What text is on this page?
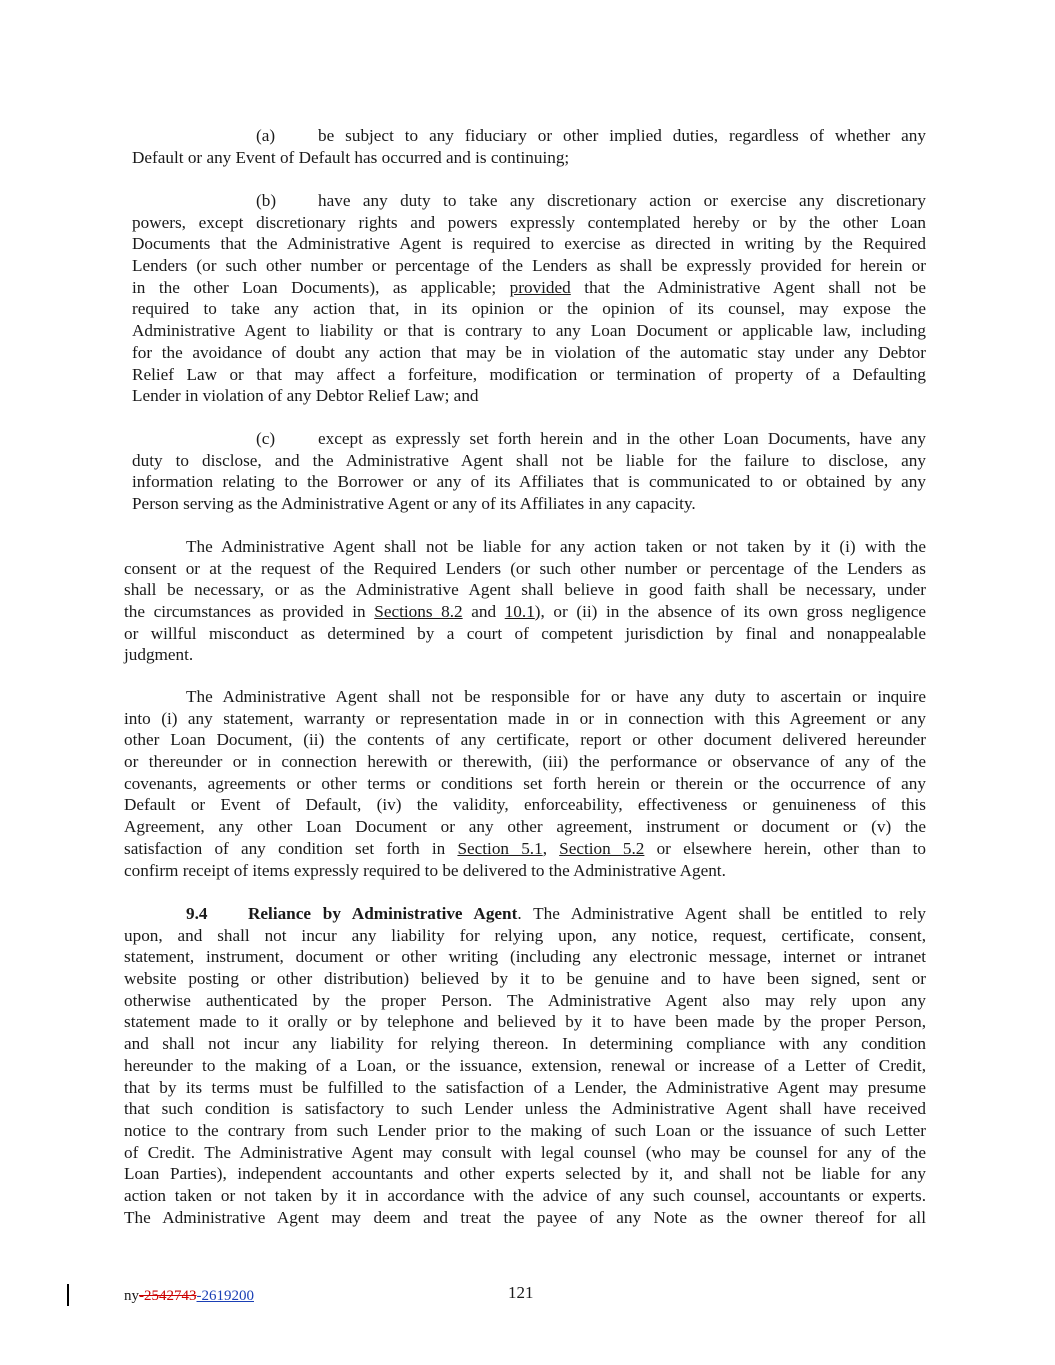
(a) be subject to any fiduciary or other implied duties, regardless of whether any
Default or any Event of Default has occurred and is continuing;
(b) have any duty to take any discretionary action or exercise any discretionary
powers, except discretionary rights and powers expressly contemplated hereby or by the other Loan
Documents that the Administrative Agent is required to exercise as directed in writing by the Required
Lenders (or such other number or percentage of the Lenders as shall be expressly provided for herein or
in the other Loan Documents), as applicable; provided that the Administrative Agent shall not be
required to take any action that, in its opinion or the opinion of its counsel, may expose the
Administrative Agent to liability or that is contrary to any Loan Document or applicable law, including
for the avoidance of doubt any action that may be in violation of the automatic stay under any Debtor
Relief Law or that may affect a forfeiture, modification or termination of property of a Defaulting
Lender in violation of any Debtor Relief Law; and
(c) except as expressly set forth herein and in the other Loan Documents, have any
duty to disclose, and the Administrative Agent shall not be liable for the failure to disclose, any
information relating to the Borrower or any of its Affiliates that is communicated to or obtained by any
Person serving as the Administrative Agent or any of its Affiliates in any capacity.
The Administrative Agent shall not be liable for any action taken or not taken by it (i) with the
consent or at the request of the Required Lenders (or such other number or percentage of the Lenders as
shall be necessary, or as the Administrative Agent shall believe in good faith shall be necessary, under
the circumstances as provided in Sections 8.2 and 10.1), or (ii) in the absence of its own gross negligence
or willful misconduct as determined by a court of competent jurisdiction by final and nonappealable
judgment.
The Administrative Agent shall not be responsible for or have any duty to ascertain or inquire
into (i) any statement, warranty or representation made in or in connection with this Agreement or any
other Loan Document, (ii) the contents of any certificate, report or other document delivered hereunder
or thereunder or in connection herewith or therewith, (iii) the performance or observance of any of the
covenants, agreements or other terms or conditions set forth herein or therein or the occurrence of any
Default or Event of Default, (iv) the validity, enforceability, effectiveness or genuineness of this
Agreement, any other Loan Document or any other agreement, instrument or document or (v) the
satisfaction of any condition set forth in Section 5.1, Section 5.2 or elsewhere herein, other than to
confirm receipt of items expressly required to be delivered to the Administrative Agent.
9.4 Reliance by Administrative Agent. The Administrative Agent shall be entitled to rely
upon, and shall not incur any liability for relying upon, any notice, request, certificate, consent,
statement, instrument, document or other writing (including any electronic message, internet or intranet
website posting or other distribution) believed by it to be genuine and to have been signed, sent or
otherwise authenticated by the proper Person. The Administrative Agent also may rely upon any
statement made to it orally or by telephone and believed by it to have been made by the proper Person,
and shall not incur any liability for relying thereon. In determining compliance with any condition
hereunder to the making of a Loan, or the issuance, extension, renewal or increase of a Letter of Credit,
that by its terms must be fulfilled to the satisfaction of a Lender, the Administrative Agent may presume
that such condition is satisfactory to such Lender unless the Administrative Agent shall have received
notice to the contrary from such Lender prior to the making of such Loan or the issuance of such Letter
of Credit. The Administrative Agent may consult with legal counsel (who may be counsel for any of the
Loan Parties), independent accountants and other experts selected by it, and shall not be liable for any
action taken or not taken by it in accordance with the advice of any such counsel, accountants or experts.
The Administrative Agent may deem and treat the payee of any Note as the owner thereof for all
ny-2542743-2619200	121
